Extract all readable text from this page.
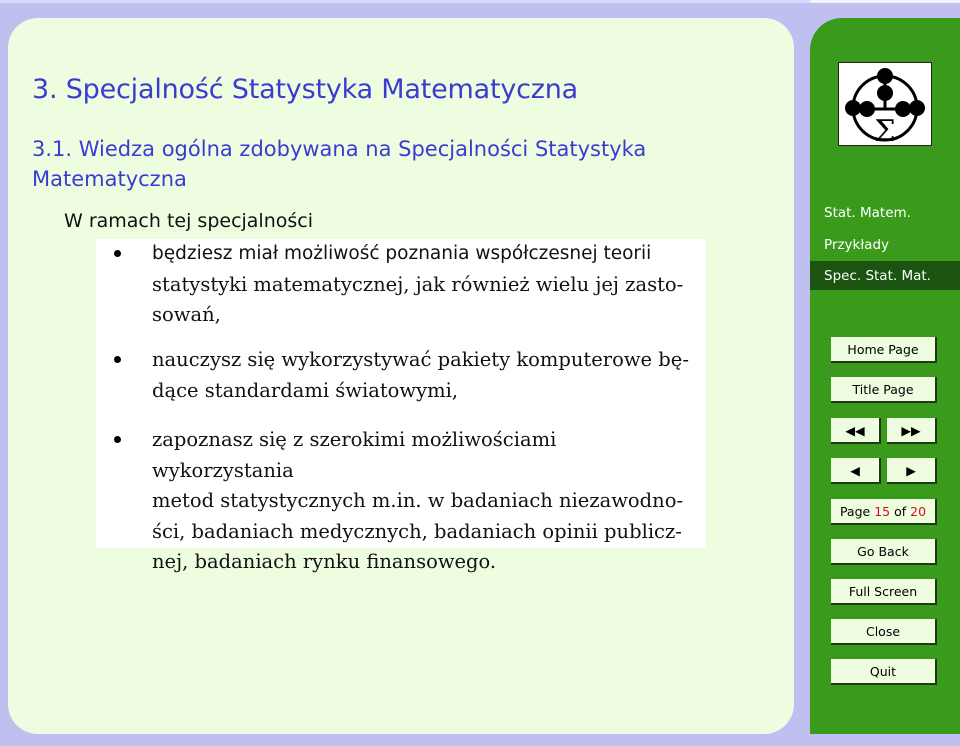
3. Specjalność Statystyka Matematyczna
3.1. Wiedza ogólna zdobywana na Specjalności Statystyka Matematyczna
W ramach tej specjalności
będziesz miał możliwość poznania współczesnej teorii
statystyki matematycznej, jak również wielu jej zasto-
sowań,
nauczysz się wykorzystywać pakiety komputerowe bę-
dące standardami światowymi,
zapoznasz się z szerokimi możliwościami wykorzystania
metod statystycznych m.in. w badaniach niezawodno-
ści, badaniach medycznych, badaniach opinii publicz-
nej, badaniach rynku finansowego.
Σ
Stat. Matem.
Przykłady
Spec. Stat. Mat.
Home Page
Title Page
◀◀	▶▶
◀	▶
Page 15 of 20
Go Back
Full Screen
Close
Quit
